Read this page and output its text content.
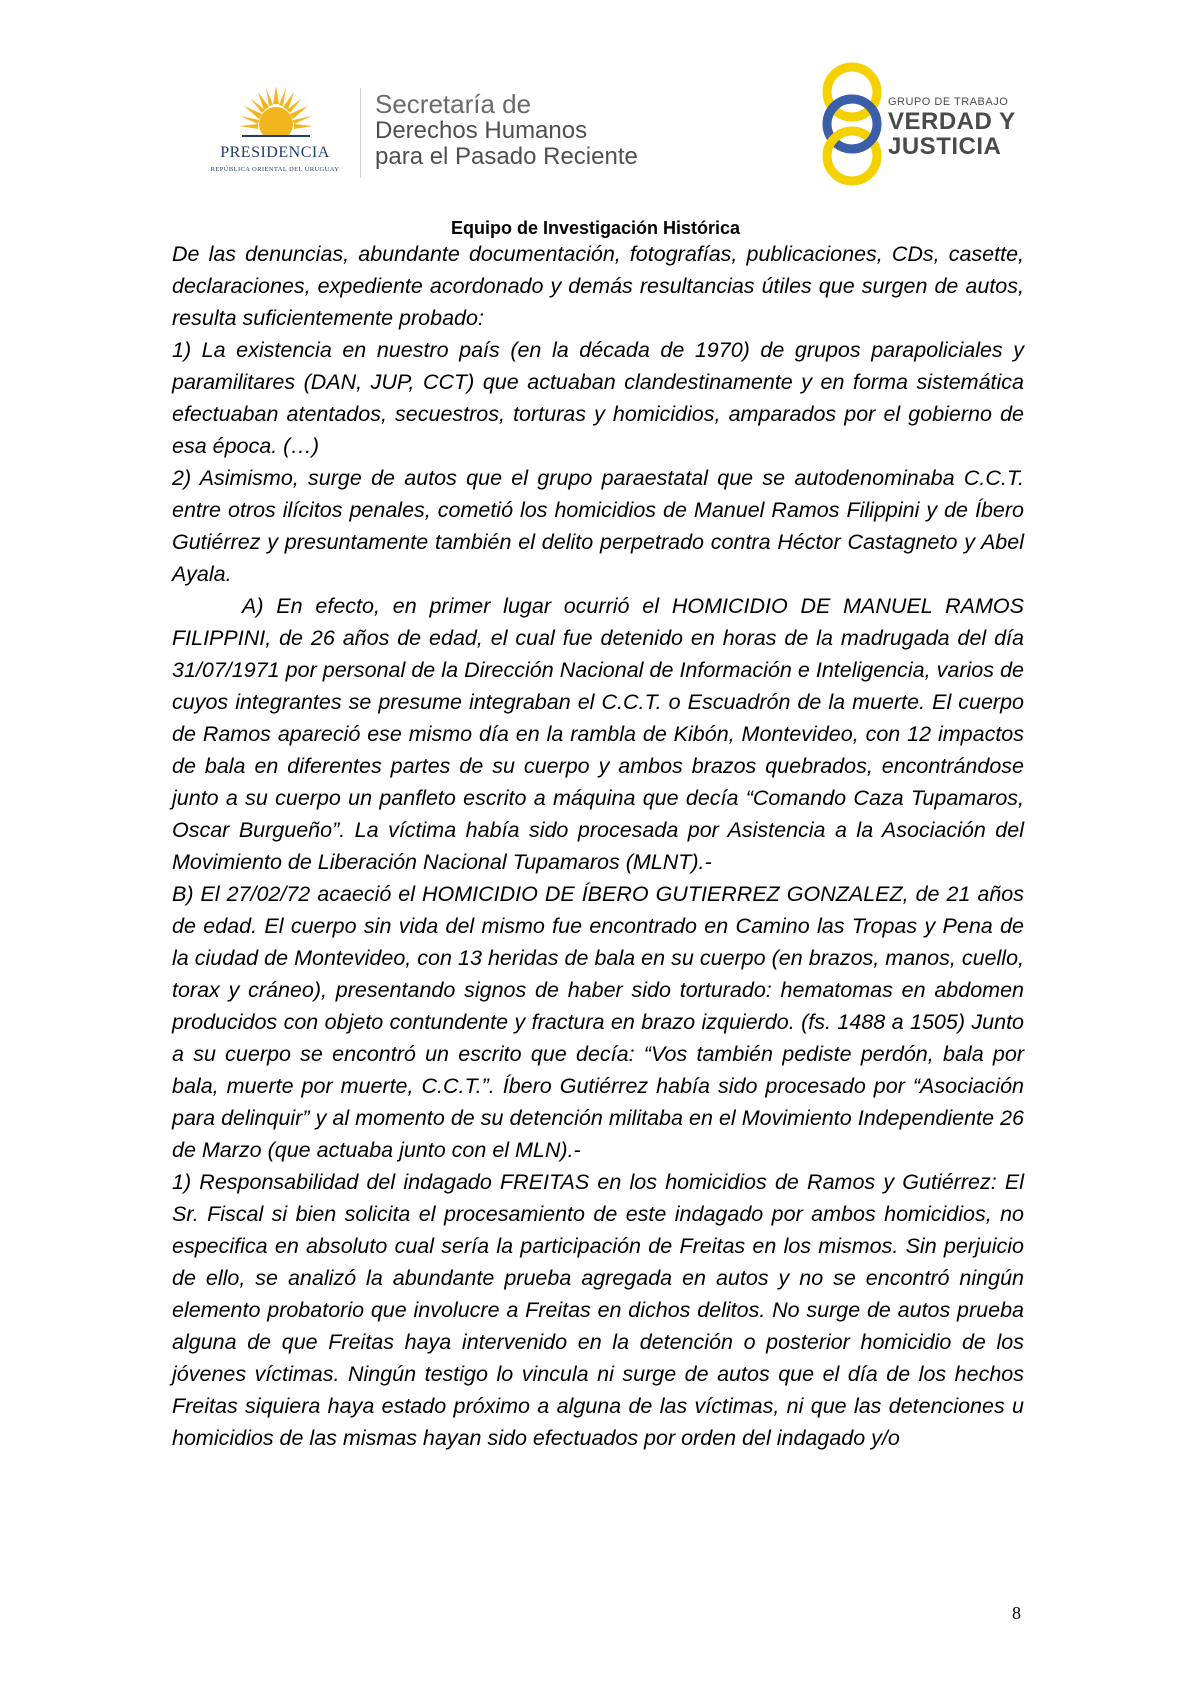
PRESIDENCIA
REPÚBLICA ORIENTAL DEL URUGUAY
Secretaría de
Derechos Humanos
para el Pasado Reciente
GRUPO DE TRABAJO
VERDAD Y
JUSTICIA
Equipo de Investigación Histórica

De las denuncias, abundante documentación, fotografías, publicaciones, CDs, casette, declaraciones, expediente acordonado y demás resultancias útiles que surgen de autos, resulta suficientemente probado:

1) La existencia en nuestro país (en la década de 1970) de grupos parapoliciales y paramilitares (DAN, JUP, CCT) que actuaban clandestinamente y en forma sistemática efectuaban atentados, secuestros, torturas y homicidios, amparados por el gobierno de esa época. (…)

2) Asimismo, surge de autos que el grupo paraestatal que se autodenominaba C.C.T. entre otros ilícitos penales, cometió los homicidios de Manuel Ramos Filippini y de Íbero Gutiérrez y presuntamente también el delito perpetrado contra Héctor Castagneto y Abel Ayala.

A) En efecto, en primer lugar ocurrió el HOMICIDIO DE MANUEL RAMOS FILIPPINI, de 26 años de edad, el cual fue detenido en horas de la madrugada del día 31/07/1971 por personal de la Dirección Nacional de Información e Inteligencia, varios de cuyos integrantes se presume integraban el C.C.T. o Escuadrón de la muerte. El cuerpo de Ramos apareció ese mismo día en la rambla de Kibón, Montevideo, con 12 impactos de bala en diferentes partes de su cuerpo y ambos brazos quebrados, encontrándose junto a su cuerpo un panfleto escrito a máquina que decía “Comando Caza Tupamaros, Oscar Burgueño”. La víctima había sido procesada por Asistencia a la Asociación del Movimiento de Liberación Nacional Tupamaros (MLNT).-

B) El 27/02/72 acaeció el HOMICIDIO DE ÍBERO GUTIERREZ GONZALEZ, de 21 años de edad. El cuerpo sin vida del mismo fue encontrado en Camino las Tropas y Pena de la ciudad de Montevideo, con 13 heridas de bala en su cuerpo (en brazos, manos, cuello, torax y cráneo), presentando signos de haber sido torturado: hematomas en abdomen producidos con objeto contundente y fractura en brazo izquierdo. (fs. 1488 a 1505) Junto a su cuerpo se encontró un escrito que decía: “Vos también pediste perdón, bala por bala, muerte por muerte, C.C.T.”. Íbero Gutiérrez había sido procesado por “Asociación para delinquir” y al momento de su detención militaba en el Movimiento Independiente 26 de Marzo (que actuaba junto con el MLN).-

1) Responsabilidad del indagado FREITAS en los homicidios de Ramos y Gutiérrez: El Sr. Fiscal si bien solicita el procesamiento de este indagado por ambos homicidios, no especifica en absoluto cual sería la participación de Freitas en los mismos. Sin perjuicio de ello, se analizó la abundante prueba agregada en autos y no se encontró ningún elemento probatorio que involucre a Freitas en dichos delitos. No surge de autos prueba alguna de que Freitas haya intervenido en la detención o posterior homicidio de los jóvenes víctimas. Ningún testigo lo vincula ni surge de autos que el día de los hechos Freitas siquiera haya estado próximo a alguna de las víctimas, ni que las detenciones u homicidios de las mismas hayan sido efectuados por orden del indagado y/o

8
